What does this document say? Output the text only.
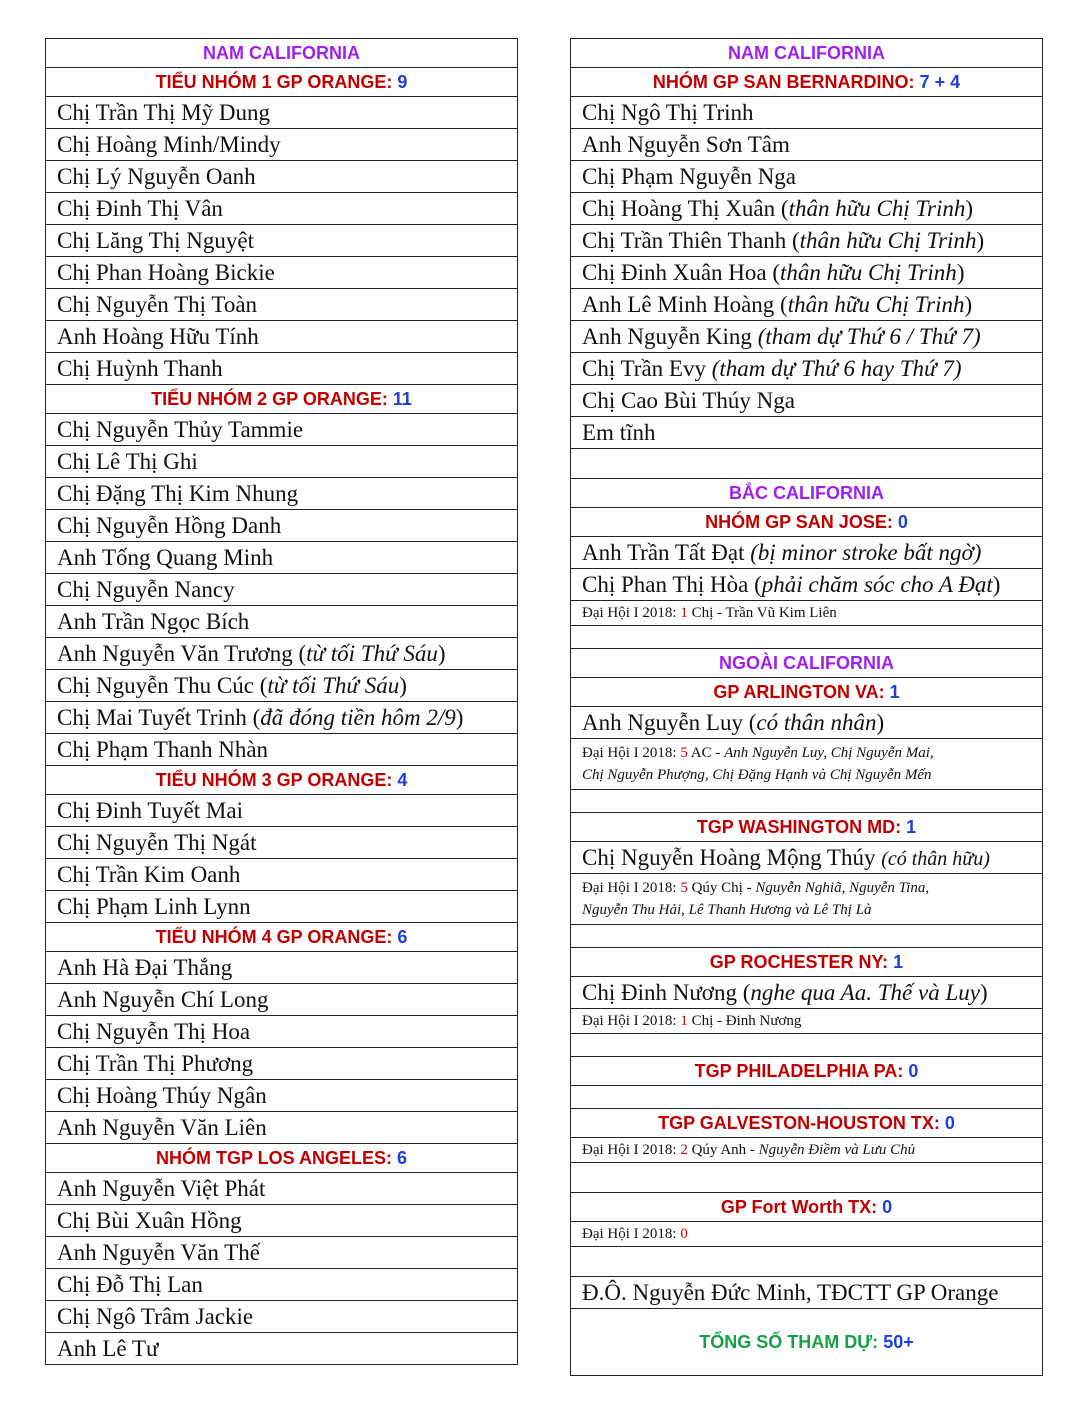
NAM CALIFORNIA
TIỂU NHÓM 1 GP ORANGE: 9
Chị Trần Thị Mỹ Dung
Chị Hoàng Minh/Mindy
Chị Lý Nguyễn Oanh
Chị Đinh Thị Vân
Chị Lăng Thị Nguyệt
Chị Phan Hoàng Bickie
Chị Nguyễn Thị Toàn
Anh Hoàng Hữu Tính
Chị Huỳnh Thanh
TIỂU NHÓM 2 GP ORANGE: 11
Chị Nguyễn Thủy Tammie
Chị Lê Thị Ghi
Chị Đặng Thị Kim Nhung
Chị Nguyễn Hồng Danh
Anh Tống Quang Minh
Chị Nguyễn Nancy
Anh Trần Ngọc Bích
Anh Nguyễn Văn Trương (từ tối Thứ Sáu)
Chị Nguyễn Thu Cúc (từ tối Thứ Sáu)
Chị Mai Tuyết Trinh (đã đóng tiền hôm 2/9)
Chị Phạm Thanh Nhàn
TIỂU NHÓM 3 GP ORANGE: 4
Chị Đinh Tuyết Mai
Chị Nguyễn Thị Ngát
Chị Trần Kim Oanh
Chị Phạm Linh Lynn
TIỂU NHÓM 4 GP ORANGE: 6
Anh Hà Đại Thắng
Anh Nguyễn Chí Long
Chị Nguyễn Thị Hoa
Chị Trần Thị Phương
Chị Hoàng Thúy Ngân
Anh Nguyễn Văn Liên
NHÓM TGP LOS ANGELES: 6
Anh Nguyễn Việt Phát
Chị Bùi Xuân Hồng
Anh Nguyễn Văn Thế
Chị Đỗ Thị Lan
Chị Ngô Trâm Jackie
Anh Lê Tư
NAM CALIFORNIA
NHÓM GP SAN BERNARDINO: 7 + 4
Chị Ngô Thị Trinh
Anh Nguyễn Sơn Tâm
Chị Phạm Nguyễn Nga
Chị Hoàng Thị Xuân (thân hữu Chị Trinh)
Chị Trần Thiên Thanh (thân hữu Chị Trinh)
Chị Đinh Xuân Hoa (thân hữu Chị Trinh)
Anh Lê Minh Hoàng (thân hữu Chị Trinh)
Anh Nguyễn King (tham dự Thứ 6 / Thứ 7)
Chị Trần Evy (tham dự Thứ 6 hay Thứ 7)
Chị Cao Bùi Thúy Nga
Em tĩnh

BẮC CALIFORNIA
NHÓM GP SAN JOSE: 0
Anh Trần Tất Đạt (bị minor stroke bất ngờ)
Chị Phan Thị Hòa (phải chăm sóc cho A Đạt)
Đại Hội I 2018: 1 Chị - Trần Vũ Kim Liên

NGOÀI CALIFORNIA
GP ARLINGTON VA: 1
Anh Nguyễn Luy (có thân nhân)
Đại Hội I 2018: 5 AC - Anh Nguyễn Luy, Chị Nguyễn Mai,
Chị Nguyễn Phượng, Chị Đặng Hạnh và Chị Nguyễn Mến

TGP WASHINGTON MD: 1
Chị Nguyễn Hoàng Mộng Thúy (có thân hữu)
Đại Hội I 2018: 5 Qúy Chị - Nguyễn Nghiã, Nguyễn Tina,
Nguyễn Thu Hải, Lê Thanh Hương và Lê Thị Là

GP ROCHESTER NY: 1
Chị Đinh Nương (nghe qua Aa. Thế và Luy)
Đại Hội I 2018: 1 Chị - Đinh Nương

TGP PHILADELPHIA PA: 0

TGP GALVESTON-HOUSTON TX: 0
Đại Hội I 2018: 2 Qúy Anh - Nguyễn Điềm và Lưu Chủ

GP Fort Worth TX: 0
Đại Hội I 2018: 0

Đ.Ô. Nguyễn Đức Minh, TĐCTT GP Orange
TỔNG SỐ THAM DỰ: 50+
